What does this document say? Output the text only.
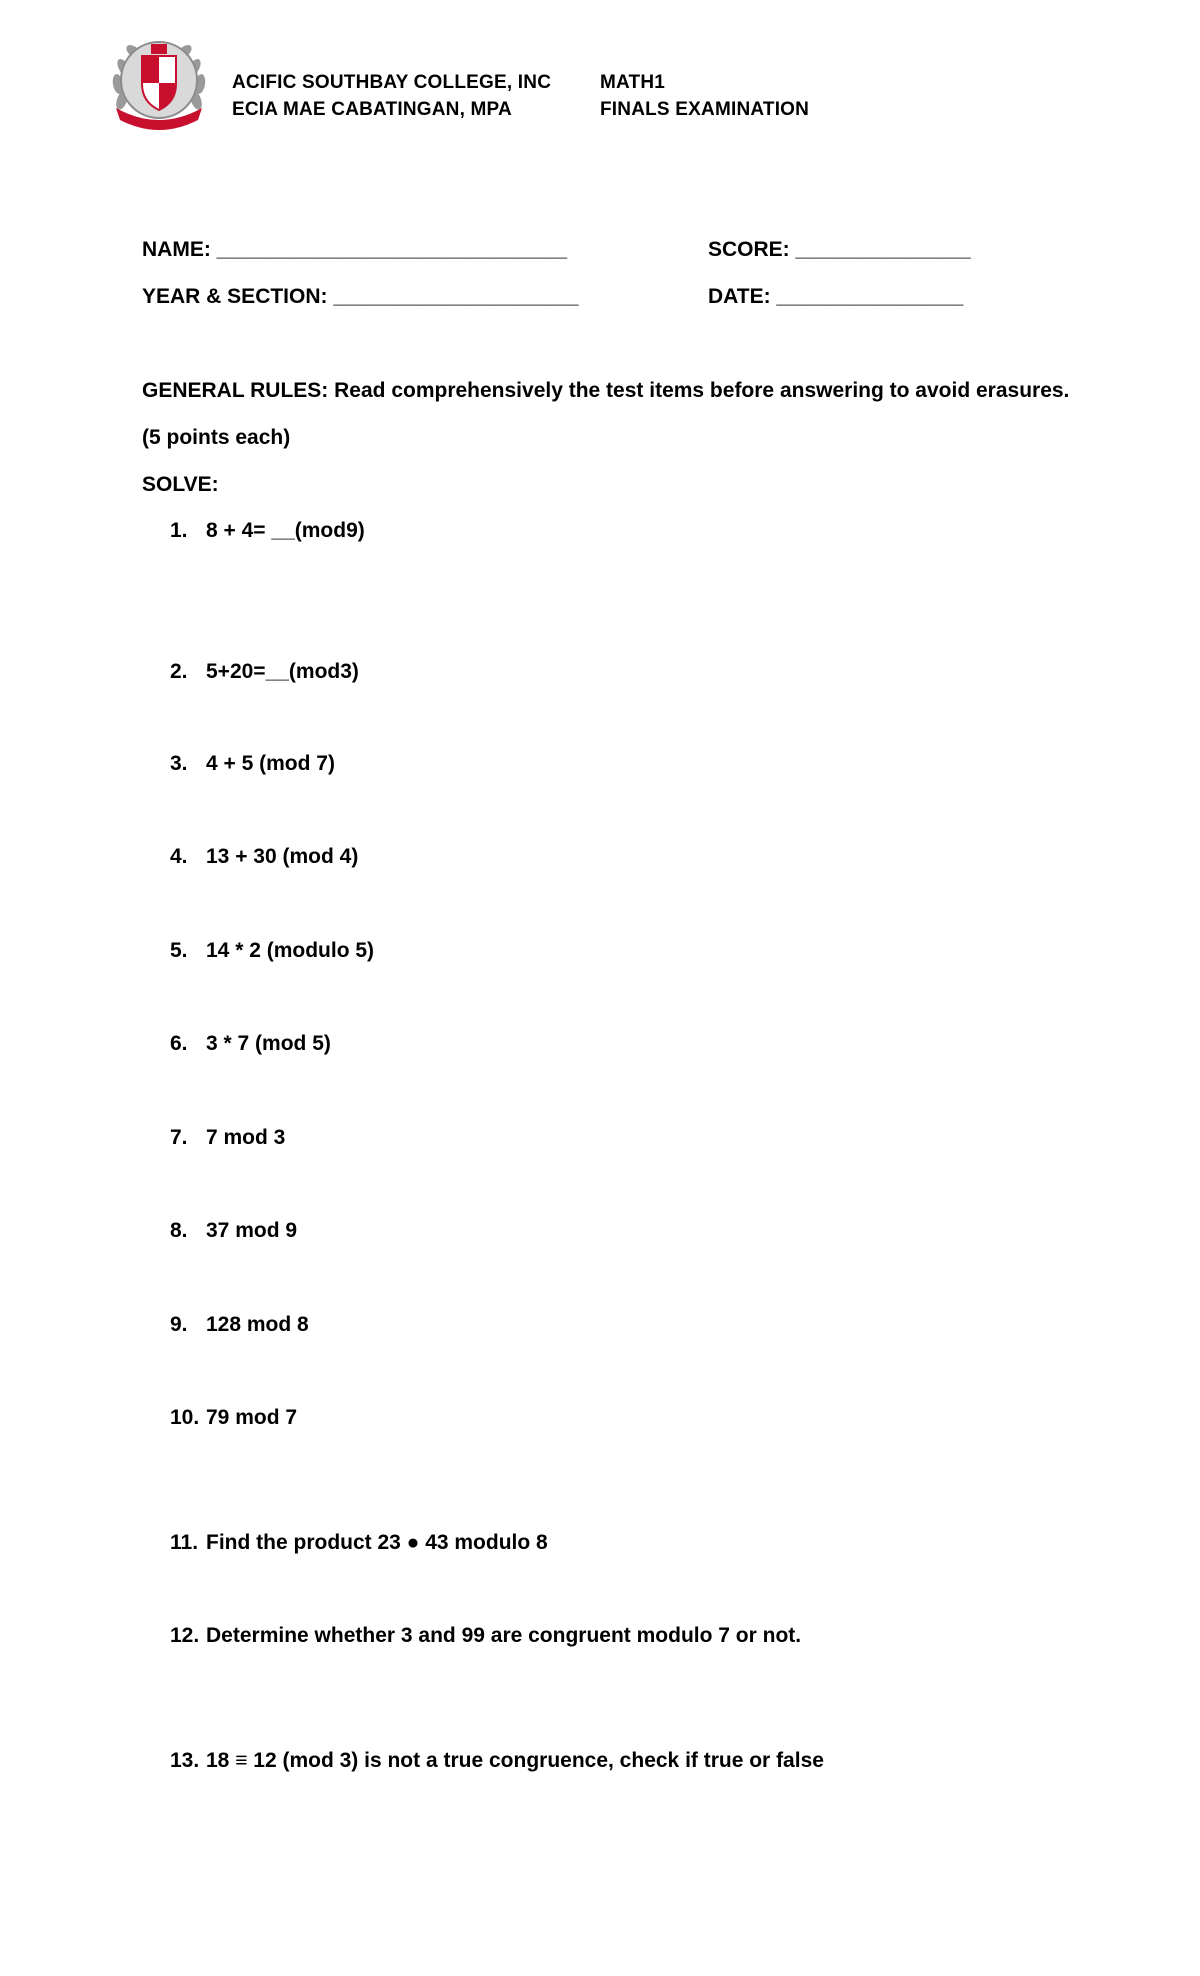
ACIFIC SOUTHBAY COLLEGE, INC
ECIA MAE CABATINGAN, MPA
MATH1
FINALS EXAMINATION
NAME: ______________________________	SCORE: _______________
YEAR & SECTION: _____________________	DATE: ________________
GENERAL RULES: Read comprehensively the test items before answering to avoid erasures.
(5 points each)
SOLVE:
1. 8 + 4= __(mod9)
2. 5+20=__(mod3)
3. 4 + 5 (mod 7)
4. 13 + 30 (mod 4)
5. 14 * 2 (modulo 5)
6. 3 * 7 (mod 5)
7. 7 mod 3
8. 37 mod 9
9. 128 mod 8
10. 79 mod 7
11. Find the product 23 ● 43 modulo 8
12. Determine whether 3 and 99 are congruent modulo 7 or not.
13. 18 ≡ 12 (mod 3) is not a true congruence, check if true or false
